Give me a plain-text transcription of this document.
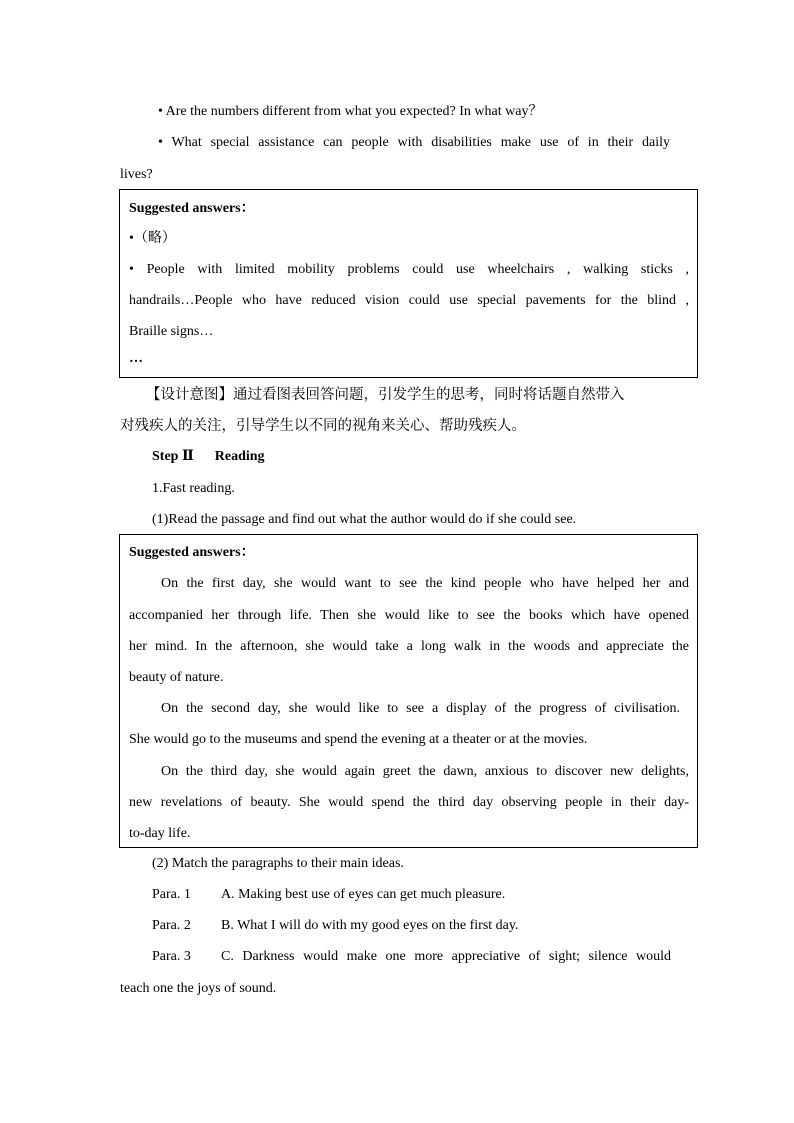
• Are the numbers different from what you expected? In what way？
• What special assistance can people with disabilities make use of in their daily
lives?
Suggested answers：
•（略）
• People with limited mobility problems could use wheelchairs , walking sticks ,
handrails…People who have reduced vision could use special pavements for the blind ,
Braille signs…
…
【设计意图】通过看图表回答问题，引发学生的思考，同时将话题自然带入
对残疾人的关注，引导学生以不同的视角来关心、帮助残疾人。
Step Ⅱ      Reading
1.Fast reading.
(1)Read the passage and find out what the author would do if she could see.
Suggested answers：
On the first day, she would want to see the kind people who have helped her and
accompanied her through life. Then she would like to see the books which have opened
her mind. In the afternoon, she would take a long walk in the woods and appreciate the
beauty of nature.
On the second day, she would like to see a display of the progress of civilisation.
She would go to the museums and spend the evening at a theater or at the movies.
On the third day, she would again greet the dawn, anxious to discover new delights,
new revelations of beauty. She would spend the third day observing people in their day-
to-day life.
(2) Match the paragraphs to their main ideas.
Para. 1 A. Making best use of eyes can get much pleasure.
Para. 2 B. What I will do with my good eyes on the first day.
Para. 3 C. Darkness would make one more appreciative of sight; silence would
teach one the joys of sound.
